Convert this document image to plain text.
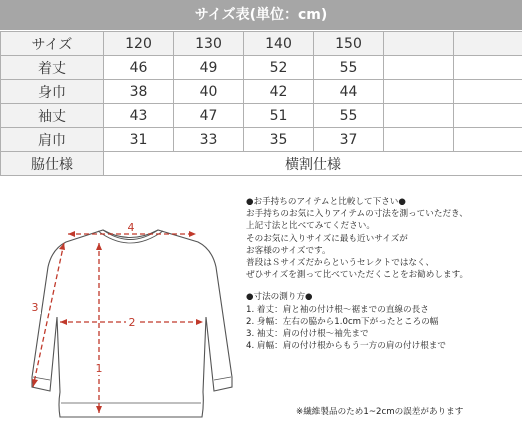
サイズ表(単位：cm)
サイズ	120	130	140	150		
着丈	46	49	52	55		
身巾	38	40	42	44		
袖丈	43	47	51	55		
肩巾	31	33	35	37		
脇仕様	横割仕様					
4
2
1
3

●お手持ちのアイテムと比較して下さい●

お手持ちのお気に入りアイテムの寸法を測っていただき、

上記寸法と比べてみてください。

そのお気に入りサイズに最も近いサイズが

お客様のサイズです。

普段はＳサイズだからというセレクトではなく、

ぜひサイズを測って比べていただくことをお勧めします。

●寸法の測り方●

1. 着丈：肩と袖の付け根～裾までの直線の長さ

2. 身幅：左右の脇から1.0cm下がったところの幅

3. 袖丈：肩の付け根～袖先まで

4. 肩幅：肩の付け根からもう一方の肩の付け根まで

※繊維製品のため1~2cmの誤差があります
